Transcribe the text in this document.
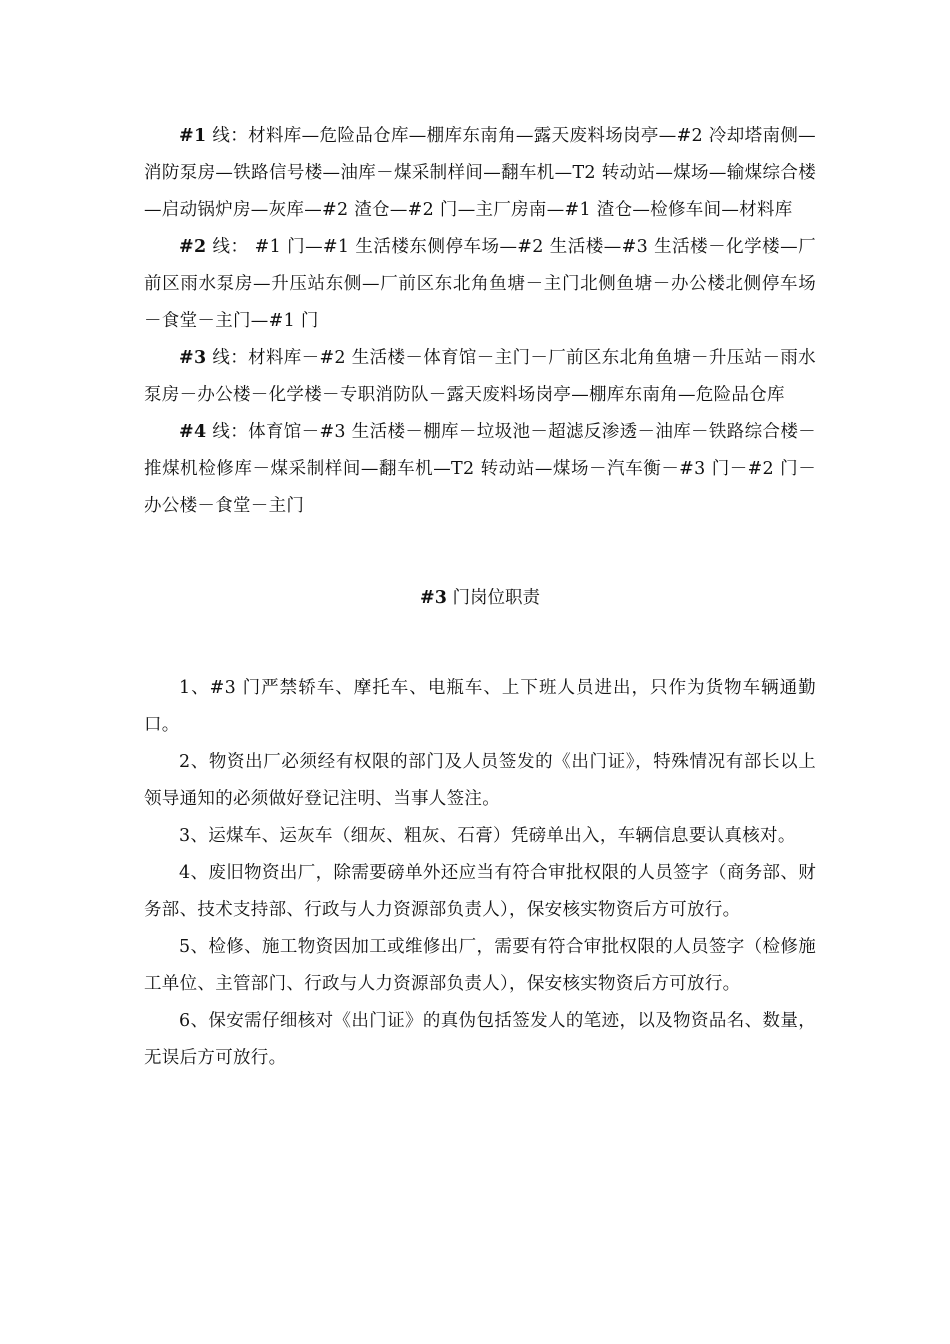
#1 线：材料库—危险品仓库—棚库东南角—露天废料场岗亭—#2 冷却塔南侧—消防泵房—铁路信号楼—油库－煤采制样间—翻车机—T2 转动站—煤场—输煤综合楼—启动锅炉房—灰库—#2 渣仓—#2 门—主厂房南—#1 渣仓—检修车间—材料库

#2 线： #1 门—#1 生活楼东侧停车场—#2 生活楼—#3 生活楼－化学楼—厂前区雨水泵房—升压站东侧—厂前区东北角鱼塘－主门北侧鱼塘－办公楼北侧停车场－食堂－主门—#1 门

#3 线：材料库－#2 生活楼－体育馆－主门－厂前区东北角鱼塘－升压站－雨水泵房－办公楼－化学楼－专职消防队－露天废料场岗亭—棚库东南角—危险品仓库

#4 线：体育馆－#3 生活楼－棚库－垃圾池－超滤反渗透－油库－铁路综合楼－推煤机检修库－煤采制样间—翻车机—T2 转动站—煤场－汽车衡－#3 门－#2 门－办公楼－食堂－主门

#3 门岗位职责

1、#3 门严禁轿车、摩托车、电瓶车、上下班人员进出，只作为货物车辆通勤口。

2、物资出厂必须经有权限的部门及人员签发的《出门证》，特殊情况有部长以上领导通知的必须做好登记注明、当事人签注。

3、运煤车、运灰车（细灰、粗灰、石膏）凭磅单出入，车辆信息要认真核对。

4、废旧物资出厂，除需要磅单外还应当有符合审批权限的人员签字（商务部、财务部、技术支持部、行政与人力资源部负责人），保安核实物资后方可放行。

5、检修、施工物资因加工或维修出厂，需要有符合审批权限的人员签字（检修施工单位、主管部门、行政与人力资源部负责人），保安核实物资后方可放行。

6、保安需仔细核对《出门证》的真伪包括签发人的笔迹，以及物资品名、数量，无误后方可放行。
